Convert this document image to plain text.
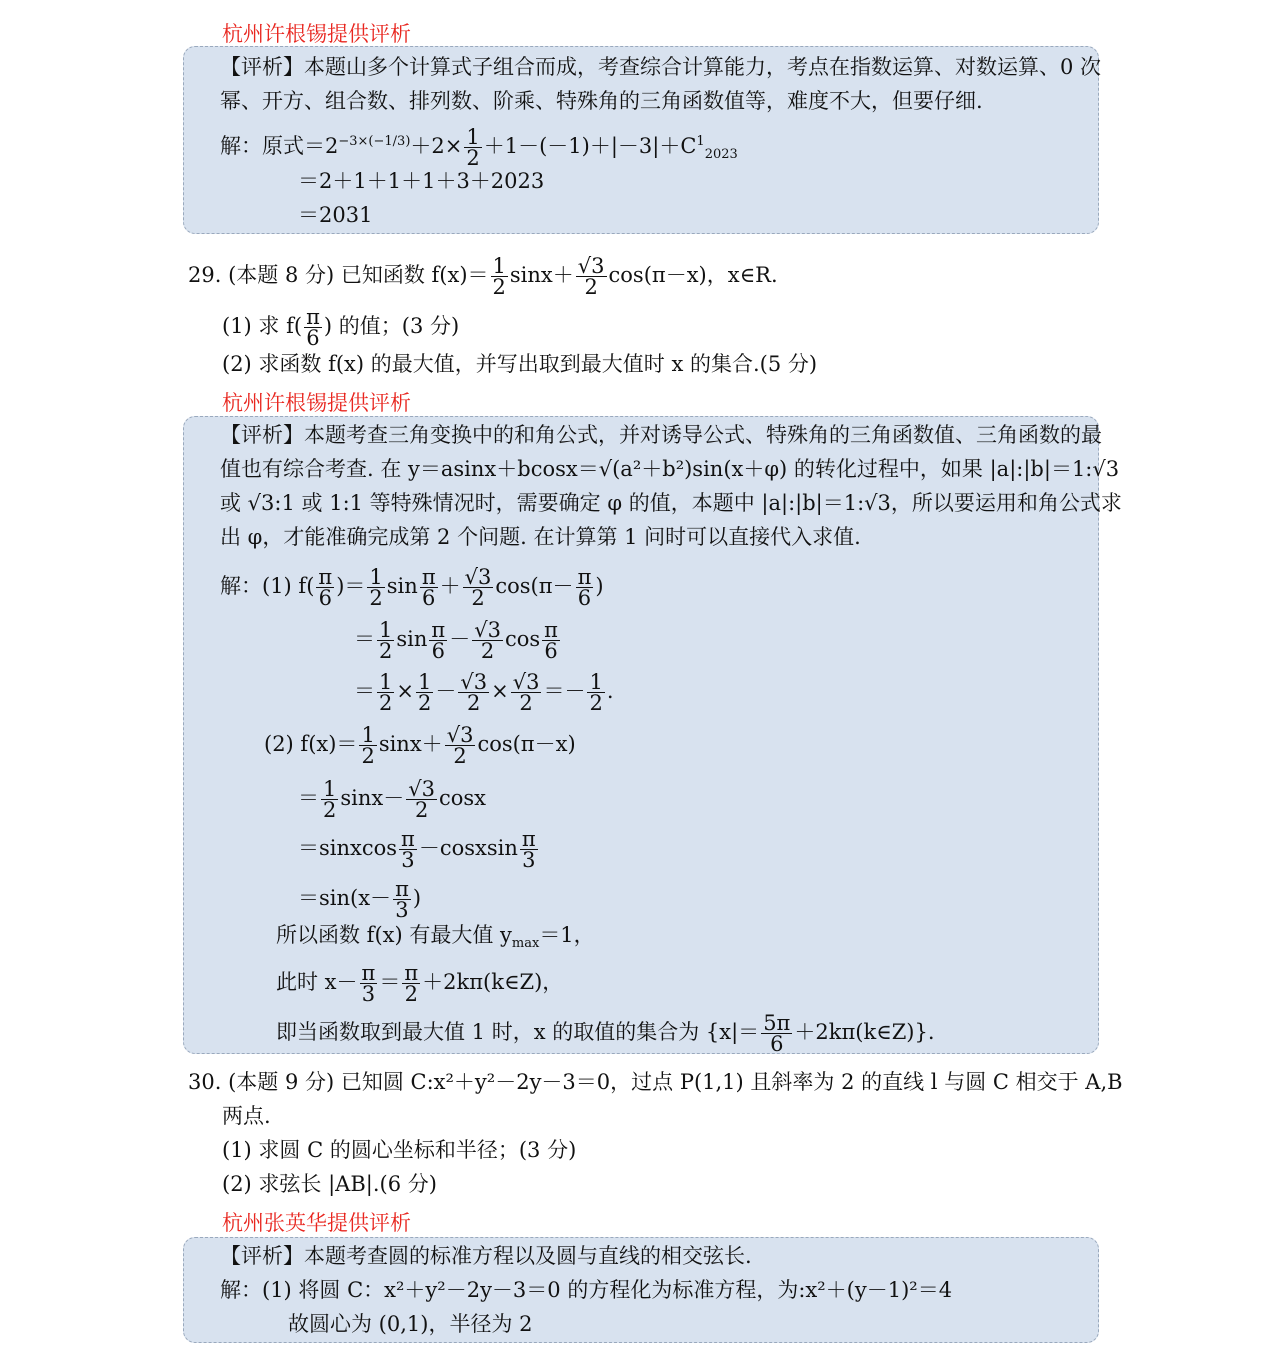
杭州许根锡提供评析
【评析】本题山多个计算式子组合而成，考查综合计算能力，考点在指数运算、对数运算、0 次
幂、开方、组合数、排列数、阶乘、特殊角的三角函数值等，难度不大，但要仔细.
解：原式$=2^{-3\times(-1/3)}+2\times \frac{1}{2} +1-(-1)+|-3|+C^1_{2023}$
＝2＋1＋1＋1＋3＋2023
＝2031
29. (本题 8 分) 已知函数 $f(x)= \frac{1}{2} \sin x+ \frac{√3}{2} \cos(\pi-x)$，x∈R.
(1) 求 $f( \frac{\pi}{6}$ ) 的值；(3 分)
(2) 求函数 f(x) 的最大值，并写出取到最大值时 x 的集合.(5 分)
杭州许根锡提供评析
【评析】本题考查三角变换中的和角公式，并对诱导公式、特殊角的三角函数值、三角函数的最
值也有综合考查. 在 y＝asinx＋bcosx＝√(a²＋b²)sin(x＋φ) 的转化过程中，如果 |a|:|b|＝1:√3
或 √3:1 或 1:1 等特殊情况时，需要确定 φ 的值，本题中 |a|:|b|＝1:√3，所以要运用和角公式求
出 φ，才能准确完成第 2 个问题. 在计算第 1 问时可以直接代入求值.
解：(1) $f( \frac{\pi}{6}$ )＝ $\frac{1}{2}$ $\sin \frac{\pi}{6} + \frac{√3}{2} \cos(\pi- \frac{\pi}{6}$ )
＝ $\frac{1}{2}$ $\sin \frac{\pi}{6} - \frac{√3}{2}$ $\cos \frac{\pi}{6}$
＝ $\frac{1}{2} \times \frac{1}{2} - \frac{√3}{2} \times \frac{√3}{2} =- \frac{1}{2}$ .
(2) $f(x)= \frac{1}{2} \sin x+ \frac{√3}{2} \cos(\pi-x)$
＝ $\frac{1}{2} \sin x- \frac{√3}{2}$ cosx
＝sinxcos $\frac{\pi}{3}$ －cosxsin $\frac{\pi}{3}$
$=\sin(x- \frac{\pi}{3}$ )
所以函数 f(x) 有最大值 $y_{max}=1$，
此时 $x- \frac{\pi}{3} = \frac{\pi}{2}$ ＋2kπ(k∈Z)，
即当函数取到最大值 1 时，x 的取值的集合为 {$x|= \frac{5\pi}{6}$ ＋2kπ(k∈Z)}.
30. (本题 9 分) 已知圆 C:x²＋y²－2y－3＝0，过点 P(1,1) 且斜率为 2 的直线 l 与圆 C 相交于 A,B
两点.
(1) 求圆 C 的圆心坐标和半径；(3 分)
(2) 求弦长 |AB|.(6 分)
杭州张英华提供评析
【评析】本题考查圆的标准方程以及圆与直线的相交弦长.
解：(1) 将圆 C：x²＋y²－2y－3＝0 的方程化为标准方程，为:x²＋(y－1)²＝4
故圆心为 (0,1)，半径为 2
